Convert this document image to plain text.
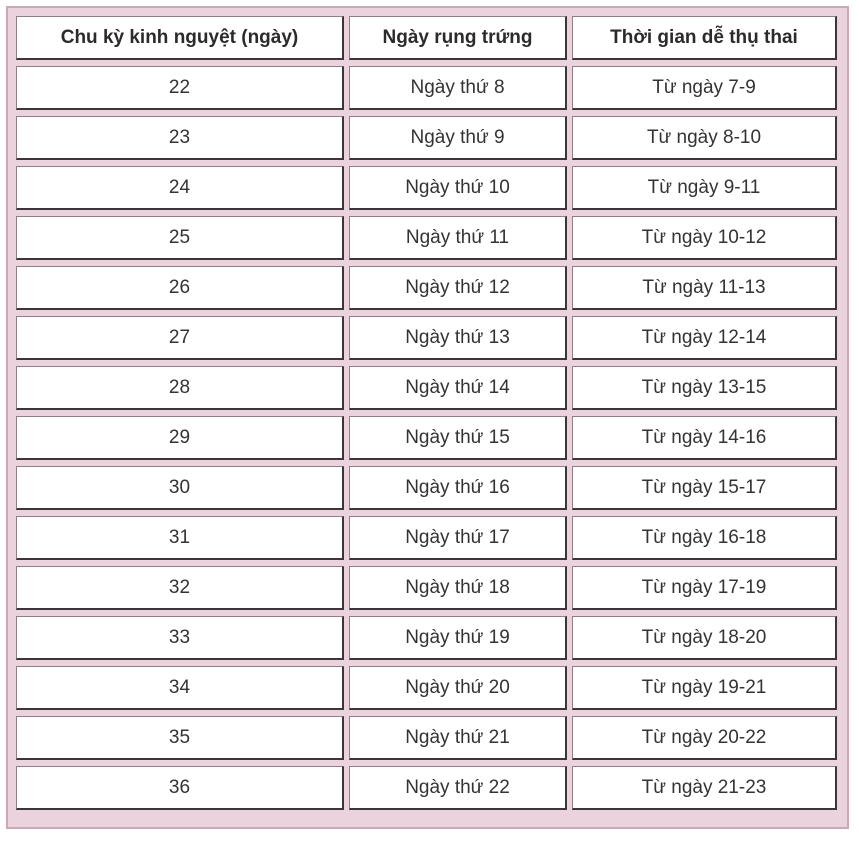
Chu kỳ kinh nguyệt (ngày)	Ngày rụng trứng	Thời gian dễ thụ thai
22	Ngày thứ 8	Từ ngày 7-9
23	Ngày thứ 9	Từ ngày 8-10
24	Ngày thứ 10	Từ ngày 9-11
25	Ngày thứ 11	Từ ngày 10-12
26	Ngày thứ 12	Từ ngày 11-13
27	Ngày thứ 13	Từ ngày 12-14
28	Ngày thứ 14	Từ ngày 13-15
29	Ngày thứ 15	Từ ngày 14-16
30	Ngày thứ 16	Từ ngày 15-17
31	Ngày thứ 17	Từ ngày 16-18
32	Ngày thứ 18	Từ ngày 17-19
33	Ngày thứ 19	Từ ngày 18-20
34	Ngày thứ 20	Từ ngày 19-21
35	Ngày thứ 21	Từ ngày 20-22
36	Ngày thứ 22	Từ ngày 21-23
